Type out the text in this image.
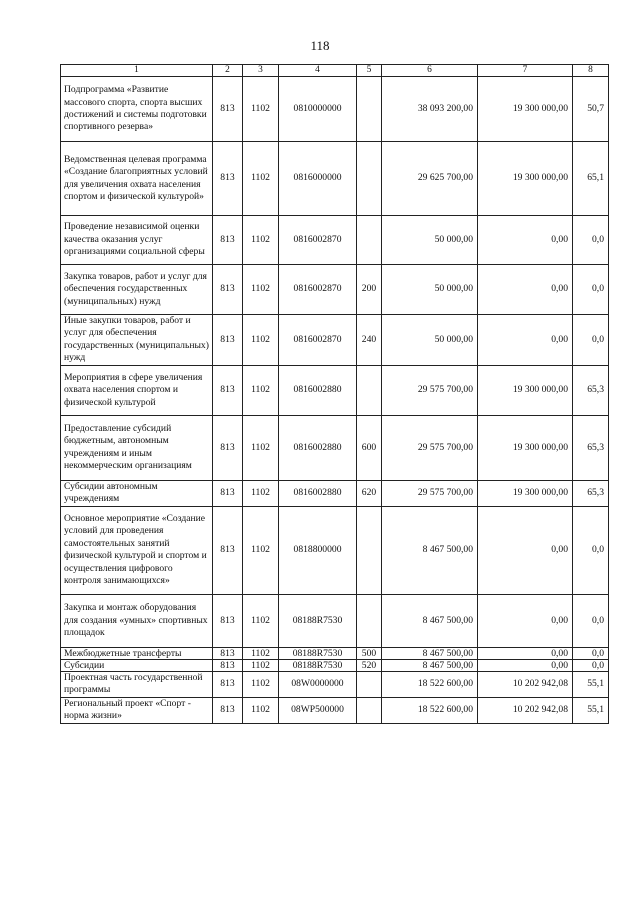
118
1	2	3	4	5	6	7	8
Подпрограмма «Развитие массового спорта, спорта высших достижений и системы подготовки спортивного резерва»	813	1102	0810000000		38 093 200,00	19 300 000,00	50,7
Ведомственная целевая программа «Создание благоприятных условий для увеличения охвата населения спортом и физической культурой»	813	1102	0816000000		29 625 700,00	19 300 000,00	65,1
Проведение независимой оценки качества оказания услуг организациями социальной сферы	813	1102	0816002870		50 000,00	0,00	0,0
Закупка товаров, работ и услуг для обеспечения государственных (муниципальных) нужд	813	1102	0816002870	200	50 000,00	0,00	0,0
Иные закупки товаров, работ и услуг для обеспечения государственных (муниципальных) нужд	813	1102	0816002870	240	50 000,00	0,00	0,0
Мероприятия в сфере увеличения охвата населения спортом и физической культурой	813	1102	0816002880		29 575 700,00	19 300 000,00	65,3
Предоставление субсидий бюджетным, автономным учреждениям и иным некоммерческим организациям	813	1102	0816002880	600	29 575 700,00	19 300 000,00	65,3
Субсидии автономным учреждениям	813	1102	0816002880	620	29 575 700,00	19 300 000,00	65,3
Основное мероприятие «Создание условий для проведения самостоятельных занятий физической культурой и спортом и осуществления цифрового контроля занимающихся»	813	1102	0818800000		8 467 500,00	0,00	0,0
Закупка и монтаж оборудования для создания «умных» спортивных площадок	813	1102	08188R7530		8 467 500,00	0,00	0,0
Межбюджетные трансферты	813	1102	08188R7530	500	8 467 500,00	0,00	0,0
Субсидии	813	1102	08188R7530	520	8 467 500,00	0,00	0,0
Проектная часть государственной программы	813	1102	08W0000000		18 522 600,00	10 202 942,08	55,1
Региональный проект «Спорт - норма жизни»	813	1102	08WP500000		18 522 600,00	10 202 942,08	55,1
